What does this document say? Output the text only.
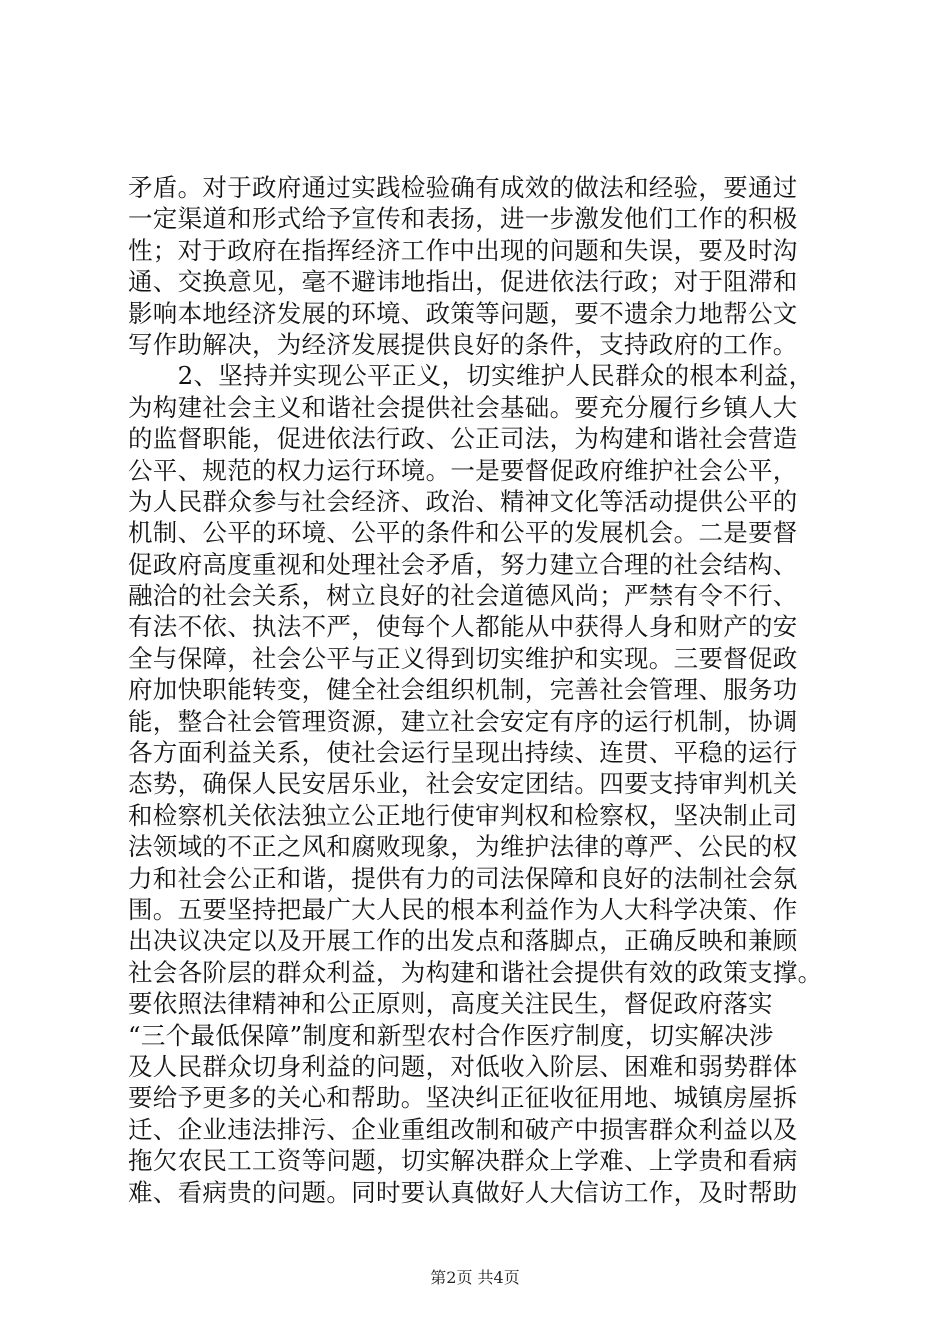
矛盾。对于政府通过实践检验确有成效的做法和经验，要通过
一定渠道和形式给予宣传和表扬，进一步激发他们工作的积极
性；对于政府在指挥经济工作中出现的问题和失误，要及时沟
通、交换意见，毫不避讳地指出，促进依法行政；对于阻滞和
影响本地经济发展的环境、政策等问题，要不遗余力地帮公文
写作助解决，为经济发展提供良好的条件，支持政府的工作。
　　2、坚持并实现公平正义，切实维护人民群众的根本利益，
为构建社会主义和谐社会提供社会基础。要充分履行乡镇人大
的监督职能，促进依法行政、公正司法，为构建和谐社会营造
公平、规范的权力运行环境。一是要督促政府维护社会公平，
为人民群众参与社会经济、政治、精神文化等活动提供公平的
机制、公平的环境、公平的条件和公平的发展机会。二是要督
促政府高度重视和处理社会矛盾，努力建立合理的社会结构、
融洽的社会关系，树立良好的社会道德风尚；严禁有令不行、
有法不依、执法不严，使每个人都能从中获得人身和财产的安
全与保障，社会公平与正义得到切实维护和实现。三要督促政
府加快职能转变，健全社会组织机制，完善社会管理、服务功
能，整合社会管理资源，建立社会安定有序的运行机制，协调
各方面利益关系，使社会运行呈现出持续、连贯、平稳的运行
态势，确保人民安居乐业，社会安定团结。四要支持审判机关
和检察机关依法独立公正地行使审判权和检察权，坚决制止司
法领域的不正之风和腐败现象，为维护法律的尊严、公民的权
力和社会公正和谐，提供有力的司法保障和良好的法制社会氛
围。五要坚持把最广大人民的根本利益作为人大科学决策、作
出决议决定以及开展工作的出发点和落脚点，正确反映和兼顾
社会各阶层的群众利益，为构建和谐社会提供有效的政策支撑。
要依照法律精神和公正原则，高度关注民生，督促政府落实
“三个最低保障”制度和新型农村合作医疗制度，切实解决涉
及人民群众切身利益的问题，对低收入阶层、困难和弱势群体
要给予更多的关心和帮助。坚决纠正征收征用地、城镇房屋拆
迁、企业违法排污、企业重组改制和破产中损害群众利益以及
拖欠农民工工资等问题，切实解决群众上学难、上学贵和看病
难、看病贵的问题。同时要认真做好人大信访工作，及时帮助
第2页 共4页
